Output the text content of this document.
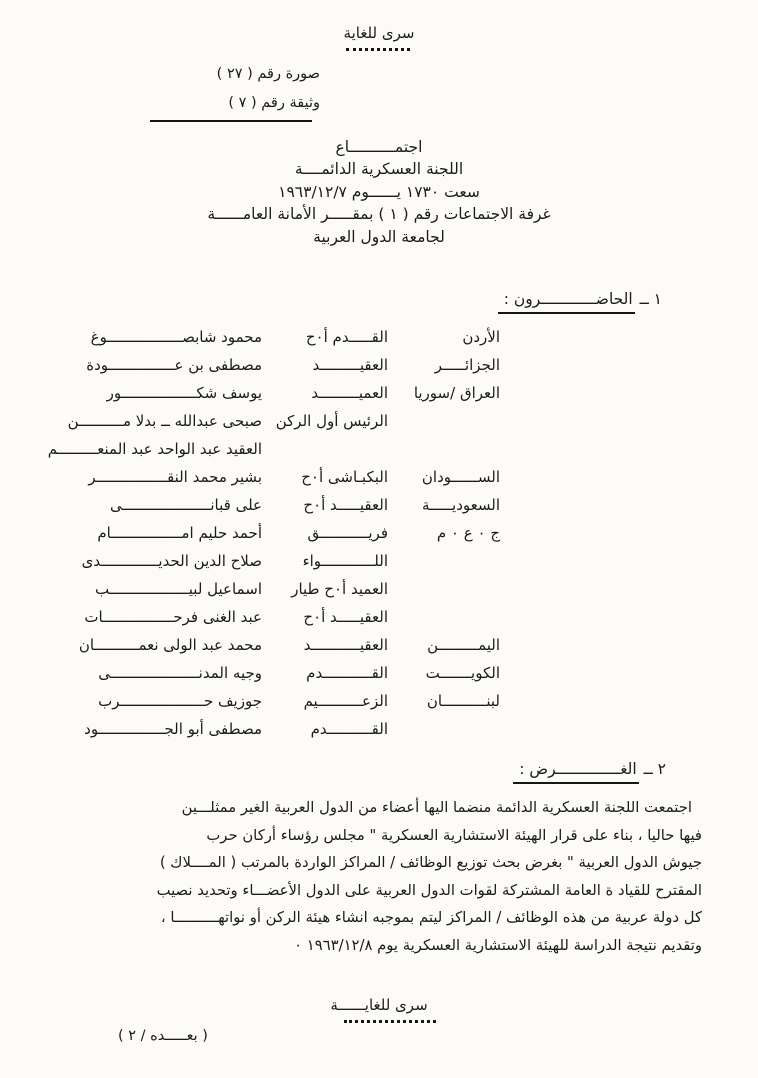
سرى للغاية
صورة رقم ( ٢٧ )
وثيقة رقم ( ٧ )
اجتمــــــــــاع
اللجنة العسكرية الدائمــــة
سعت ١٧٣٠ يــــــوم ١٩٦٣/١٢/٧
غرفة الاجتماعات رقم ( ١ ) بمقـــــر الأمانة العامــــــة
لجامعة الدول العربية
١ ــ الحاضــــــــــــرون :
الأردن
القـــــدم أ٠ح
محمود شابصـــــــــــــــــوغ
الجزائـــــر
العقيـــــــــد
مصطفى بن عـــــــــــــــودة
العراق /سوريا
العميـــــــــد
يوسف شكـــــــــــــــــور
الرئيس أول الركن
صبحى عبدالله ــ بدلا مــــــــــن
العقيد عبد الواحد عبد المنعـــــــــم
الســــــودان
البكبـاشى أ٠ح
بشير محمد النقــــــــــــــــر
السعوديـــــة
العقيـــــد أ٠ح
على قبانــــــــــــــــــــى
ج ٠ ع ٠ م
فريـــــــــــق
أحمد حليم امــــــــــــــــام
اللــــــــــــواء
صلاح الدين الحديـــــــــــــدى
العميد أ٠ح طيار
اسماعيل لبيــــــــــــــــــب
العقيـــــد أ٠ح
عبد الغنى فرحــــــــــــــــات
اليمـــــــــن
العقيـــــــــــد
محمد عبد الولى نعمــــــــــان
الكويـــــــت
القـــــــــــدم
وجيه المدنــــــــــــــــــــى
لبنــــــــــان
الزعــــــــــيم
جوزيف حـــــــــــــــــــرب
القــــــــــدم
مصطفى أبو الجـــــــــــــــود
٢ ــ الغــــــــــــــرض :
اجتمعت اللجنة العسكرية الدائمة منضما اليها أعضاء من الدول العربية الغير ممثلـــين
فيها حاليا ، بناء على قرار الهيئة الاستشارية العسكرية " مجلس رؤساء أركان حرب
جيوش الدول العربية " بغرض بحث توزيع الوظائف / المراكز الواردة بالمرتب ( المــــلاك )
المقترح للقياد ة العامة المشتركة لقوات الدول العربية على الدول الأعضـــاء وتحديد نصيب
كل دولة عربية من هذه الوظائف / المراكز ليتم بموجبه انشاء هيئة الركن أو نواتهــــــــــا ،
وتقديم نتيجة الدراسة للهيئة الاستشارية العسكرية يوم ١٩٦٣/١٢/٨ ٠
سرى للغايــــــة
( بعـــــده / ٢ )
